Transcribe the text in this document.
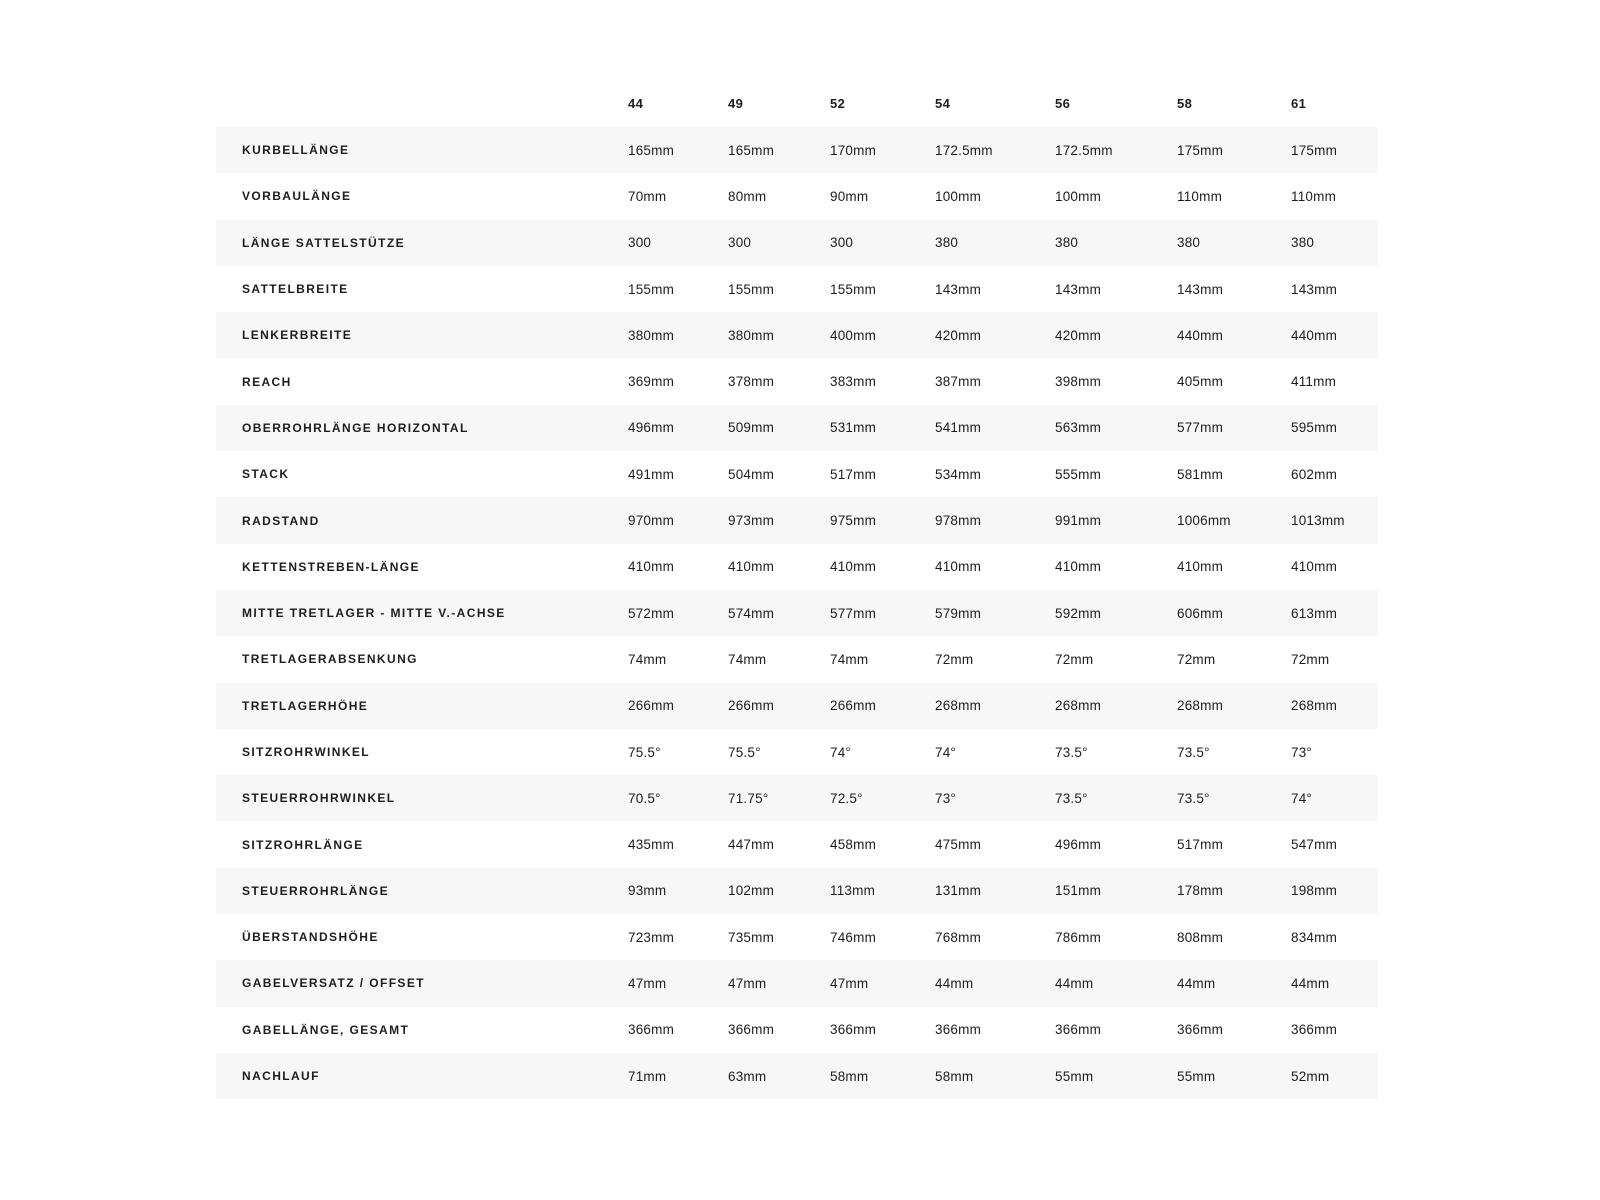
	44	49	52	54	56	58	61
KURBELLÄNGE	165mm	165mm	170mm	172.5mm	172.5mm	175mm	175mm
VORBAULÄNGE	70mm	80mm	90mm	100mm	100mm	110mm	110mm
LÄNGE SATTELSTÜTZE	300	300	300	380	380	380	380
SATTELBREITE	155mm	155mm	155mm	143mm	143mm	143mm	143mm
LENKERBREITE	380mm	380mm	400mm	420mm	420mm	440mm	440mm
REACH	369mm	378mm	383mm	387mm	398mm	405mm	411mm
OBERROHRLÄNGE HORIZONTAL	496mm	509mm	531mm	541mm	563mm	577mm	595mm
STACK	491mm	504mm	517mm	534mm	555mm	581mm	602mm
RADSTAND	970mm	973mm	975mm	978mm	991mm	1006mm	1013mm
KETTENSTREBEN-LÄNGE	410mm	410mm	410mm	410mm	410mm	410mm	410mm
MITTE TRETLAGER - MITTE V.-ACHSE	572mm	574mm	577mm	579mm	592mm	606mm	613mm
TRETLAGERABSENKUNG	74mm	74mm	74mm	72mm	72mm	72mm	72mm
TRETLAGERHÖHE	266mm	266mm	266mm	268mm	268mm	268mm	268mm
SITZROHRWINKEL	75.5°	75.5°	74°	74°	73.5°	73.5°	73°
STEUERROHRWINKEL	70.5°	71.75°	72.5°	73°	73.5°	73.5°	74°
SITZROHRLÄNGE	435mm	447mm	458mm	475mm	496mm	517mm	547mm
STEUERROHRLÄNGE	93mm	102mm	113mm	131mm	151mm	178mm	198mm
ÜBERSTANDSHÖHE	723mm	735mm	746mm	768mm	786mm	808mm	834mm
GABELVERSATZ / OFFSET	47mm	47mm	47mm	44mm	44mm	44mm	44mm
GABELLÄNGE, GESAMT	366mm	366mm	366mm	366mm	366mm	366mm	366mm
NACHLAUF	71mm	63mm	58mm	58mm	55mm	55mm	52mm
